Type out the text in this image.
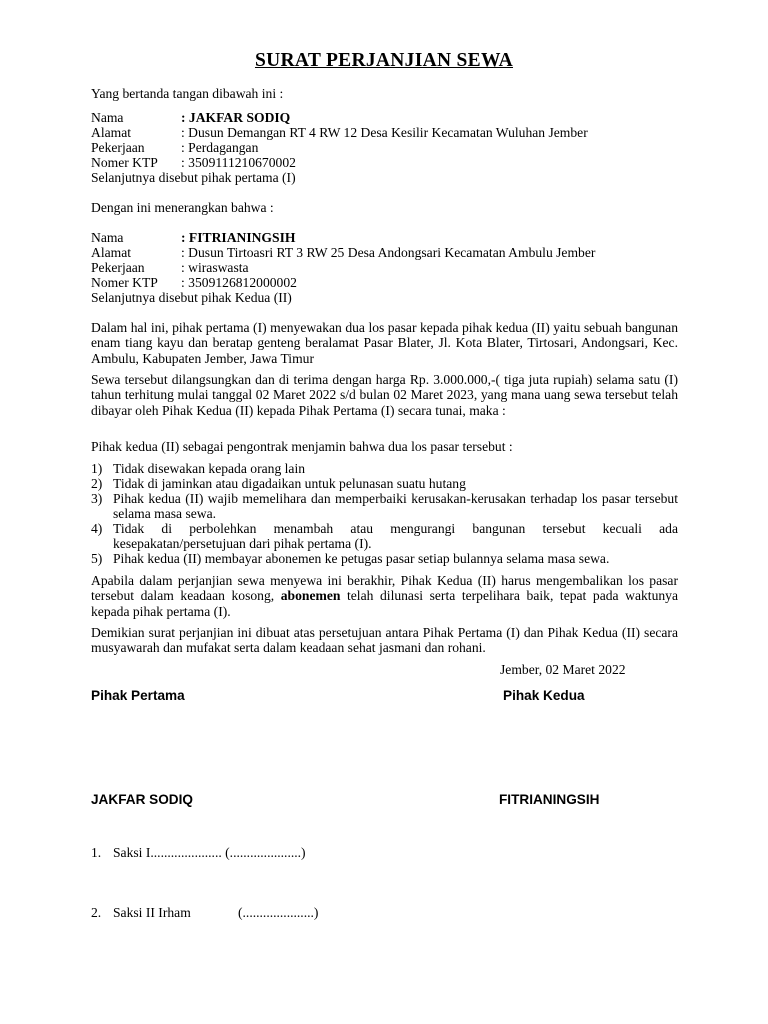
SURAT PERJANJIAN SEWA
Yang bertanda tangan dibawah ini :
Nama	: JAKFAR SODIQ
Alamat	: Dusun Demangan RT 4 RW 12 Desa Kesilir Kecamatan Wuluhan Jember
Pekerjaan	: Perdagangan
Nomer KTP : 3509111210670002
Selanjutnya disebut pihak pertama (I)
Dengan ini menerangkan bahwa :
Nama	: FITRIANINGSIH
Alamat	: Dusun Tirtoasri RT 3 RW 25 Desa Andongsari Kecamatan Ambulu Jember
Pekerjaan	: wiraswasta
Nomer KTP : 3509126812000002
Selanjutnya disebut pihak Kedua (II)
Dalam hal ini, pihak pertama (I) menyewakan dua los pasar kepada pihak kedua (II) yaitu sebuah bangunan enam tiang kayu dan beratap genteng beralamat Pasar Blater, Jl. Kota Blater, Tirtosari, Andongsari, Kec. Ambulu, Kabupaten Jember, Jawa Timur
Sewa tersebut dilangsungkan dan di terima dengan harga Rp. 3.000.000,-( tiga juta rupiah) selama satu (I) tahun terhitung mulai tanggal 02 Maret 2022 s/d bulan 02 Maret 2023, yang mana uang sewa tersebut telah dibayar oleh Pihak Kedua (II) kepada Pihak Pertama (I) secara tunai, maka :
Pihak kedua (II) sebagai pengontrak menjamin bahwa dua los pasar tersebut :
1) Tidak disewakan kepada orang lain
2) Tidak di jaminkan atau digadaikan untuk pelunasan suatu hutang
3) Pihak kedua (II) wajib memelihara dan memperbaiki kerusakan-kerusakan terhadap los pasar tersebut selama masa sewa.
4) Tidak di perbolehkan menambah atau mengurangi bangunan tersebut kecuali ada kesepakatan/persetujuan dari pihak pertama (I).
5) Pihak kedua (II) membayar abonemen ke petugas pasar setiap bulannya selama masa sewa.
Apabila dalam perjanjian sewa menyewa ini berakhir, Pihak Kedua (II) harus mengembalikan los pasar tersebut dalam keadaan kosong, abonemen telah dilunasi serta terpelihara baik, tepat pada waktunya kepada pihak pertama (I).
Demikian surat perjanjian ini dibuat atas persetujuan antara Pihak Pertama (I) dan Pihak Kedua (II) secara musyawarah dan mufakat serta dalam keadaan sehat jasmani dan rohani.
Jember, 02 Maret 2022
Pihak Pertama	Pihak Kedua
JAKFAR SODIQ	FITRIANINGSIH
1. Saksi I..................... (.....................)
2. Saksi II Irham	(.....................)
